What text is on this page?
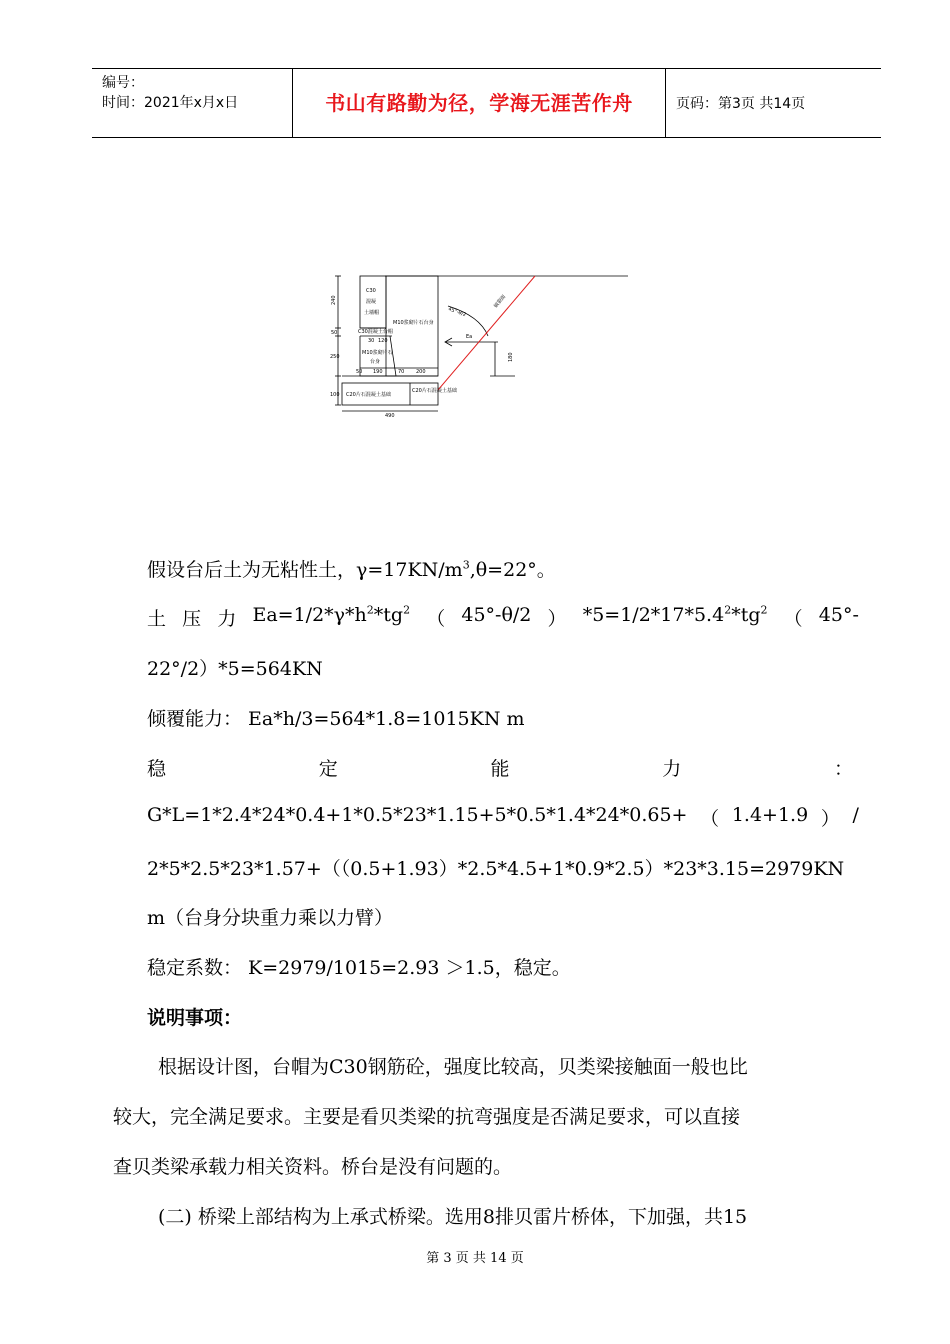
编号：
时间：2021年x月x日	书山有路勤为径，学海无涯苦作舟	页码：第3页 共14页
240
50
250
100
490
30 120
50 190	70 200
180
C30
混凝
土墙帽
M10浆砌片石台身
C30混凝土台帽
M10浆砌片石
台身
C20片石混凝土基础
C20片石混凝土基础
45°-θ/2
Ea
破裂面
假设台后土为无粘性土，$\gamma=17KN/m^3,\theta=22^\circ$。
土 压 力 $Ea=1/2*\gamma*h^2*tg^2$ （ 45°-θ/2 ） $*5=1/2*17*5.4^2*tg^2$ （ 45°-
22°/2）*5=564KN
倾覆能力： Ea*h/3=564*1.8=1015KN m
稳	定	能	力	：
G*L=1*2.4*24*0.4+1*0.5*23*1.15+5*0.5*1.4*24*0.65+ （ 1.4+1.9 ） /
2*5*2.5*23*1.57+（（0.5+1.93）*2.5*4.5+1*0.9*2.5）*23*3.15=2979KN
m（台身分块重力乘以力臂）
稳定系数： K=2979/1015=2.93 ＞1.5，稳定。
说明事项：
根据设计图，台帽为C30钢筋砼，强度比较高，贝类梁接触面一般也比
较大，完全满足要求。主要是看贝类梁的抗弯强度是否满足要求，可以直接
查贝类梁承载力相关资料。桥台是没有问题的。
(二) 桥梁上部结构为上承式桥梁。选用8排贝雷片桥体，下加强，共15
第 3 页 共 14 页
